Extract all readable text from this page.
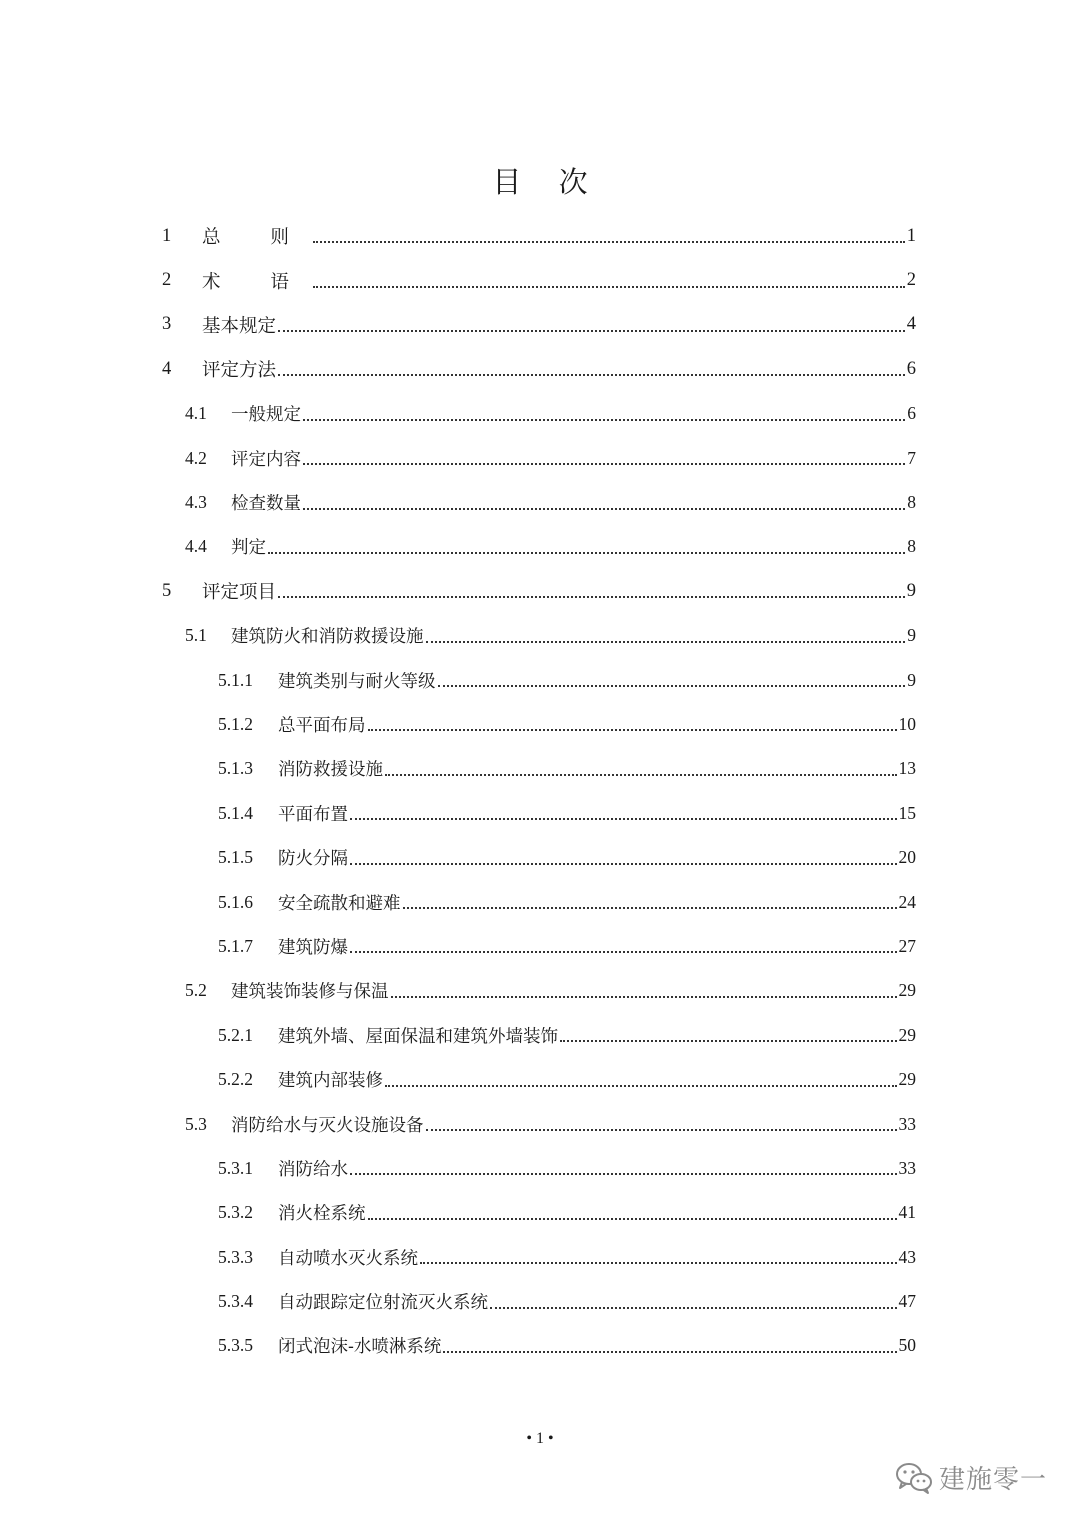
目 次
1	总 则	1
2	术 语	2
3	基本规定	4
4	评定方法	6
4.1	一般规定	6
4.2	评定内容	7
4.3	检查数量	8
4.4	判定	8
5	评定项目	9
5.1	建筑防火和消防救援设施	9
5.1.1	建筑类别与耐火等级	9
5.1.2	总平面布局	10
5.1.3	消防救援设施	13
5.1.4	平面布置	15
5.1.5	防火分隔	20
5.1.6	安全疏散和避难	24
5.1.7	建筑防爆	27
5.2	建筑装饰装修与保温	29
5.2.1	建筑外墙、屋面保温和建筑外墙装饰	29
5.2.2	建筑内部装修	29
5.3	消防给水与灭火设施设备	33
5.3.1	消防给水	33
5.3.2	消火栓系统	41
5.3.3	自动喷水灭火系统	43
5.3.4	自动跟踪定位射流灭火系统	47
5.3.5	闭式泡沫-水喷淋系统	50
• 1 •
建施零一
